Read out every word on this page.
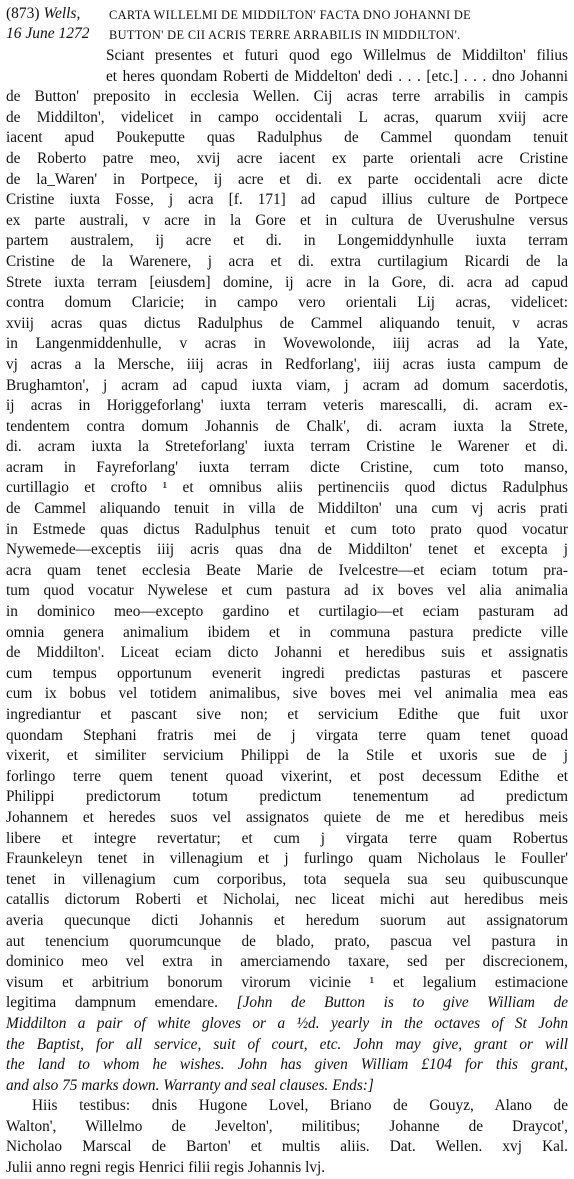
(873) Wells,
16 June 1272
CARTA WILLELMI DE MIDDILTON' FACTA DNO JOHANNI DE
BUTTON' DE CII ACRIS TERRE ARRABILIS IN MIDDILTON'.
Sciant presentes et futuri quod ego Willelmus de Middilton' filius
et heres quondam Roberti de Middelton' dedi . . . [etc.] . . . dno Johanni
de Button' preposito in ecclesia Wellen. Cij acras terre arrabilis in campis
de Middilton', videlicet in campo occidentali L acras, quarum xviij acre
iacent apud Poukeputte quas Radulphus de Cammel quondam tenuit
de Roberto patre meo, xvij acre iacent ex parte orientali acre Cristine
de la_Waren' in Portpece, ij acre et di. ex parte occidentali acre dicte
Cristine iuxta Fosse, j acra [f. 171] ad capud illius culture de Portpece
ex parte australi, v acre in la Gore et in cultura de Uverushulne versus
partem australem, ij acre et di. in Longemiddynhulle iuxta terram
Cristine de la Warenere, j acra et di. extra curtilagium Ricardi de la
Strete iuxta terram [eiusdem] domine, ij acre in la Gore, di. acra ad capud
contra domum Claricie; in campo vero orientali Lij acras, videlicet:
xviij acras quas dictus Radulphus de Cammel aliquando tenuit, v acras
in Langenmiddenhulle, v acras in Wovewolonde, iiij acras ad la Yate,
vj acras a la Mersche, iiij acras in Redforlang', iiij acras iusta campum de
Brughamton', j acram ad capud iuxta viam, j acram ad domum sacerdotis,
ij acras in Horiggeforlang' iuxta terram veteris marescalli, di. acram ex-
tendentem contra domum Johannis de Chalk', di. acram iuxta la Strete,
di. acram iuxta la Streteforlang' iuxta terram Cristine le Warener et di.
acram in Fayreforlang' iuxta terram dicte Cristine, cum toto manso,
curtillagio et crofto ¹ et omnibus aliis pertinenciis quod dictus Radulphus
de Cammel aliquando tenuit in villa de Middilton' una cum vj acris prati
in Estmede quas dictus Radulphus tenuit et cum toto prato quod vocatur
Nywemede—exceptis iiij acris quas dna de Middilton' tenet et excepta j
acra quam tenet ecclesia Beate Marie de Ivelcestre—et eciam totum pra-
tum quod vocatur Nywelese et cum pastura ad ix boves vel alia animalia
in dominico meo—excepto gardino et curtilagio—et eciam pasturam ad
omnia genera animalium ibidem et in communa pastura predicte ville
de Middilton'. Liceat eciam dicto Johanni et heredibus suis et assignatis
cum tempus opportunum evenerit ingredi predictas pasturas et pascere
cum ix bobus vel totidem animalibus, sive boves mei vel animalia mea eas
ingrediantur et pascant sive non; et servicium Edithe que fuit uxor
quondam Stephani fratris mei de j virgata terre quam tenet quoad
vixerit, et similiter servicium Philippi de la Stile et uxoris sue de j
forlingo terre quem tenent quoad vixerint, et post decessum Edithe et
Philippi predictorum totum predictum tenementum ad predictum
Johannem et heredes suos vel assignatos quiete de me et heredibus meis
libere et integre revertatur; et cum j virgata terre quam Robertus
Fraunkeleyn tenet in villenagium et j furlingo quam Nicholaus le Fouller'
tenet in villenagium cum corporibus, tota sequela sua seu quibuscunque
catallis dictorum Roberti et Nicholai, nec liceat michi aut heredibus meis
averia quecunque dicti Johannis et heredum suorum aut assignatorum
aut tenencium quorumcunque de blado, prato, pascua vel pastura in
dominico meo vel extra in amerciamendo taxare, sed per discrecionem,
visum et arbitrium bonorum virorum vicinie ¹ et legalium estimacione
legitima dampnum emendare. [John de Button is to give William de
Middilton a pair of white gloves or a ½d. yearly in the octaves of St John
the Baptist, for all service, suit of court, etc. John may give, grant or will
the land to whom he wishes. John has given William £104 for this grant,
and also 75 marks down. Warranty and seal clauses. Ends:]
Hiis testibus: dnis Hugone Lovel, Briano de Gouyz, Alano de
Walton', Willelmo de Jevelton', militibus; Johanne de Draycot',
Nicholao Marscal de Barton' et multis aliis. Dat. Wellen. xvj Kal.
Julii anno regni regis Henrici filii regis Johannis lvj.
